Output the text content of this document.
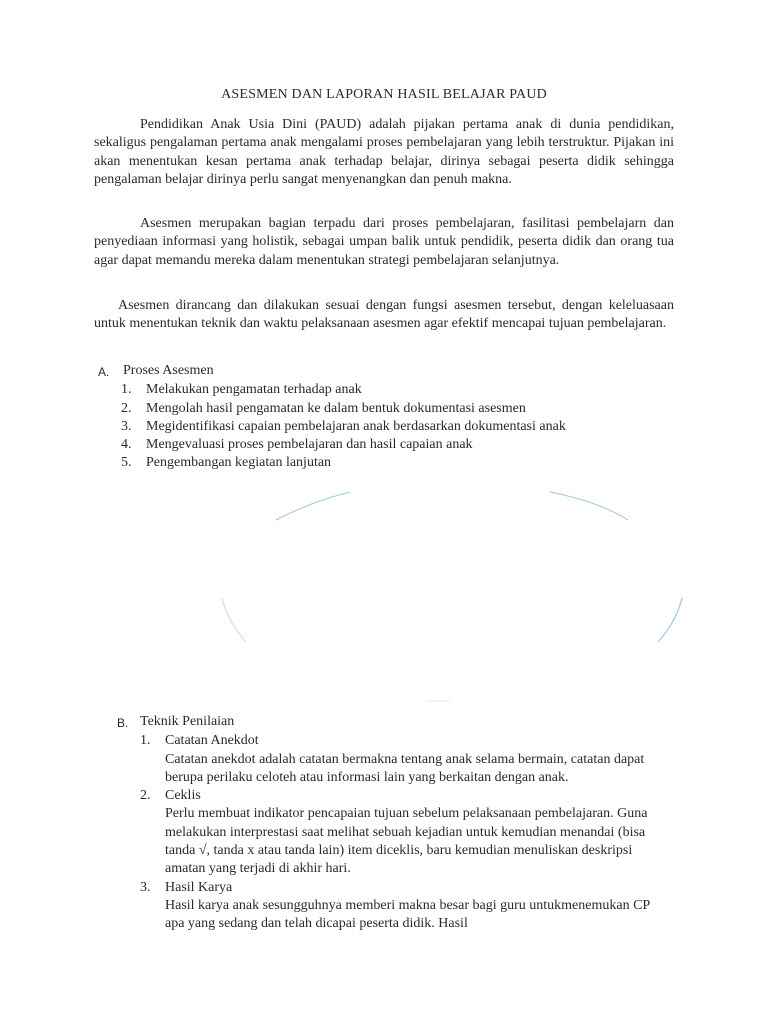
ASESMEN DAN LAPORAN HASIL BELAJAR PAUD

Pendidikan Anak Usia Dini (PAUD) adalah pijakan pertama anak di dunia pendidikan, sekaligus pengalaman pertama anak mengalami proses pembelajaran yang lebih terstruktur. Pijakan ini akan menentukan kesan pertama anak terhadap belajar, dirinya sebagai peserta didik sehingga pengalaman belajar dirinya perlu sangat menyenangkan dan penuh makna.

Asesmen merupakan bagian terpadu dari proses pembelajaran, fasilitasi pembelajarn dan penyediaan informasi yang holistik, sebagai umpan balik untuk pendidik, peserta didik dan orang tua agar dapat memandu mereka dalam menentukan strategi pembelajaran selanjutnya.

Asesmen dirancang dan dilakukan sesuai dengan fungsi asesmen tersebut, dengan keleluasaan untuk menentukan teknik dan waktu pelaksanaan asesmen agar efektif mencapai tujuan pembelajaran.

A. Proses Asesmen
1.	Melakukan pengamatan terhadap anak
2.	Mengolah hasil pengamatan ke dalam bentuk dokumentasi asesmen
3.	Megidentifikasi capaian pembelajaran anak berdasarkan dokumentasi anak
4.	Mengevaluasi proses pembelajaran dan hasil capaian anak
5.	Pengembangan kegiatan lanjutan
B. Teknik Penilaian
1.	Catatan Anekdot
Catatan anekdot adalah catatan bermakna tentang anak selama bermain, catatan dapat berupa perilaku celoteh atau informasi lain yang berkaitan dengan anak.
2.	Ceklis
Perlu membuat indikator pencapaian tujuan sebelum pelaksanaan pembelajaran. Guna melakukan interprestasi saat melihat sebuah kejadian untuk kemudian menandai (bisa tanda √, tanda x atau tanda lain) item diceklis, baru kemudian menuliskan deskripsi amatan yang terjadi di akhir hari.
3.	Hasil Karya
Hasil karya anak sesungguhnya memberi makna besar bagi guru untukmenemukan CP apa yang sedang dan telah dicapai peserta didik. Hasil
